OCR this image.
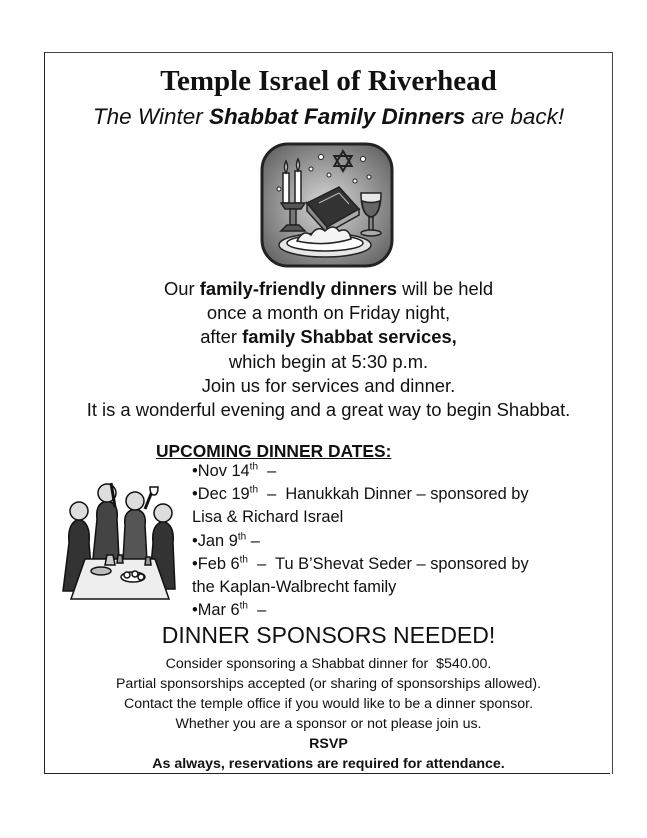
Temple Israel of Riverhead
The Winter Shabbat Family Dinners are back!
Our family-friendly dinners will be held
once a month on Friday night,
after family Shabbat services,
which begin at 5:30 p.m.
Join us for services and dinner.
It is a wonderful evening and a great way to begin Shabbat.
UPCOMING DINNER DATES:
•Nov 14th  –
•Dec 19th  –  Hanukkah Dinner – sponsored by
Lisa & Richard Israel
•Jan 9th –
•Feb 6th  –  Tu B’Shevat Seder – sponsored by
the Kaplan-Walbrecht family
•Mar 6th  –
DINNER SPONSORS NEEDED!
Consider sponsoring a Shabbat dinner for  $540.00.
Partial sponsorships accepted (or sharing of sponsorships allowed).
Contact the temple office if you would like to be a dinner sponsor.
Whether you are a sponsor or not please join us.
RSVP
As always, reservations are required for attendance.
